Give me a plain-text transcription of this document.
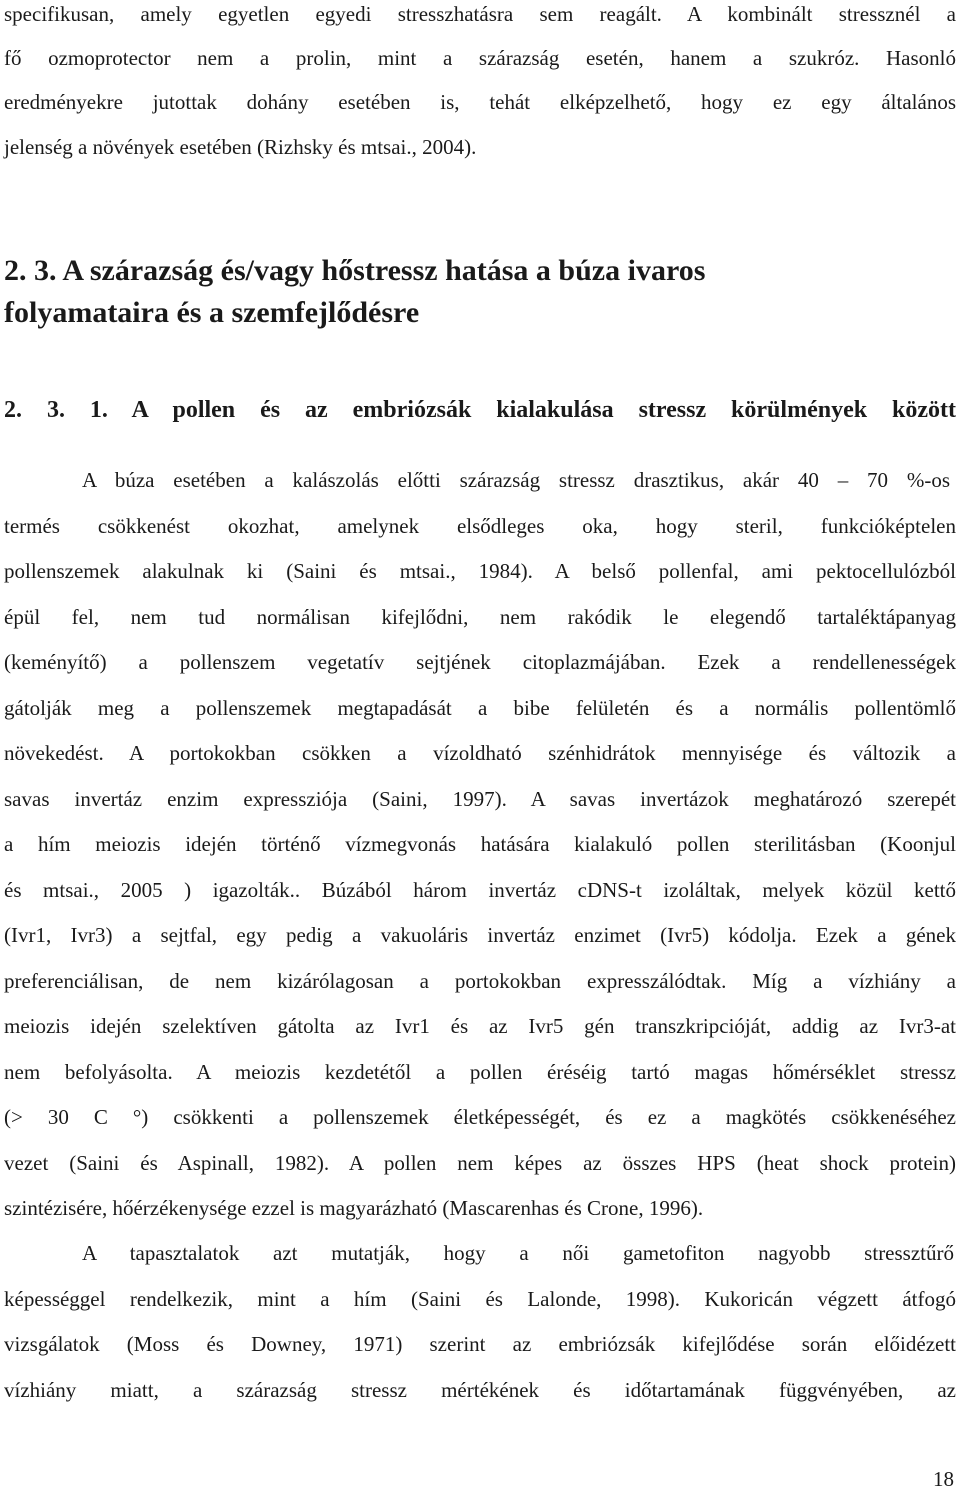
specifikusan, amely egyetlen egyedi stresszhatásra sem reagált. A kombinált stressznél a
fő ozmoprotector nem a prolin, mint a szárazság esetén, hanem a szukróz. Hasonló
eredményekre jutottak dohány esetében is, tehát elképzelhető, hogy ez egy általános
jelenség a növények esetében (Rizhsky és mtsai., 2004).
2. 3. A szárazság és/vagy hőstressz hatása a búza ivaros
folyamataira és a szemfejlődésre
2. 3. 1. A pollen és az embriózsák kialakulása stressz körülmények között
A búza esetében a kalászolás előtti szárazság stressz drasztikus, akár 40 – 70 %-os
termés csökkenést okozhat, amelynek elsődleges oka, hogy steril, funkcióképtelen
pollenszemek alakulnak ki (Saini és mtsai., 1984). A belső pollenfal, ami pektocellulózból
épül fel, nem tud normálisan kifejlődni, nem rakódik le elegendő tartaléktápanyag
(keményítő) a pollenszem vegetatív sejtjének citoplazmájában. Ezek a rendellenességek
gátolják meg a pollenszemek megtapadását a bibe felületén és a normális pollentömlő
növekedést. A portokokban csökken a vízoldható szénhidrátok mennyisége és változik a
savas invertáz enzim expressziója (Saini, 1997). A savas invertázok meghatározó szerepét
a hím meiozis idején történő vízmegvonás hatására kialakuló pollen sterilitásban (Koonjul
és mtsai., 2005 ) igazolták.. Búzából három invertáz cDNS-t izoláltak, melyek közül kettő
(Ivr1, Ivr3) a sejtfal, egy pedig a vakuoláris invertáz enzimet (Ivr5) kódolja. Ezek a gének
preferenciálisan, de nem kizárólagosan a portokokban expresszálódtak. Míg a vízhiány a
meiozis idején szelektíven gátolta az Ivr1 és az Ivr5 gén transzkripcióját, addig az Ivr3-at
nem befolyásolta. A meiozis kezdetétől a pollen éréséig tartó magas hőmérséklet stressz
(> 30 C °) csökkenti a pollenszemek életképességét, és ez a magkötés csökkenéséhez
vezet (Saini és Aspinall, 1982). A pollen nem képes az összes HPS (heat shock protein)
szintézisére, hőérzékenysége ezzel is magyarázható (Mascarenhas és Crone, 1996).
A tapasztalatok azt mutatják, hogy a női gametofiton nagyobb stressztűrő
képességgel rendelkezik, mint a hím (Saini és Lalonde, 1998). Kukoricán végzett átfogó
vizsgálatok (Moss és Downey, 1971) szerint az embriózsák kifejlődése során előidézett
vízhiány miatt, a szárazság stressz mértékének és időtartamának függvényében, az
18
